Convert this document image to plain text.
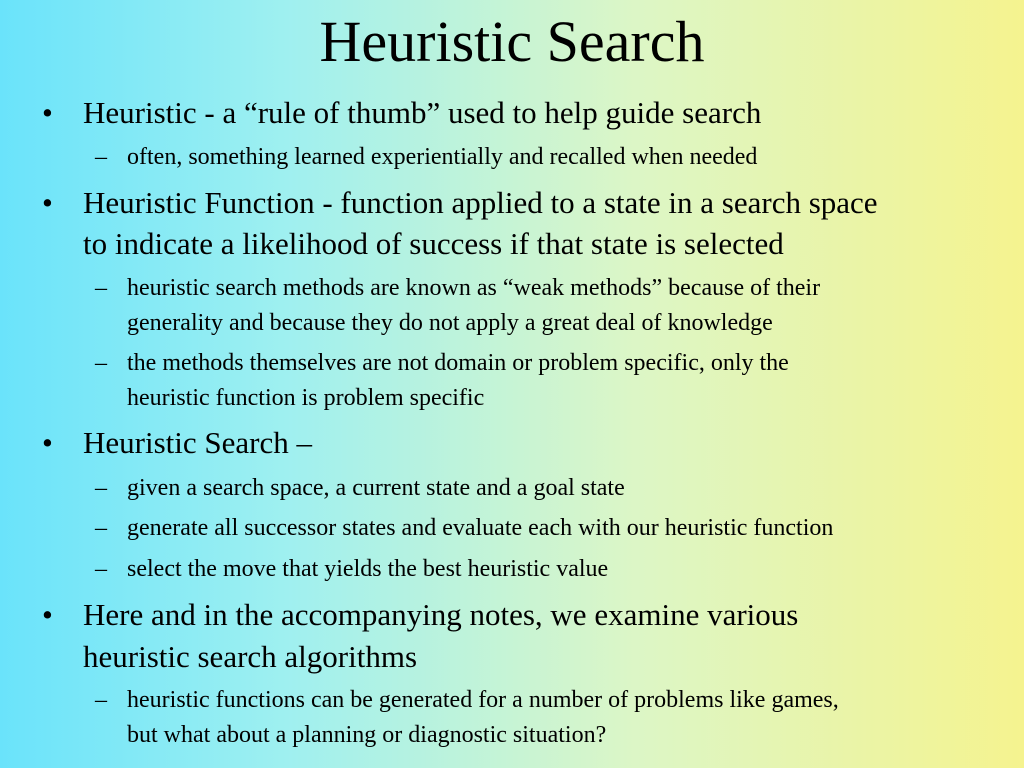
Heuristic Search
• Heuristic - a “rule of thumb” used to help guide search
– often, something learned experientially and recalled when needed
• Heuristic Function - function applied to a state in a search space
to indicate a likelihood of success if that state is selected
– heuristic search methods are known as “weak methods” because of their
generality and because they do not apply a great deal of knowledge
– the methods themselves are not domain or problem specific, only the
heuristic function is problem specific
• Heuristic Search –
– given a search space, a current state and a goal state
– generate all successor states and evaluate each with our heuristic function
– select the move that yields the best heuristic value
• Here and in the accompanying notes, we examine various
heuristic search algorithms
– heuristic functions can be generated for a number of problems like games,
but what about a planning or diagnostic situation?
